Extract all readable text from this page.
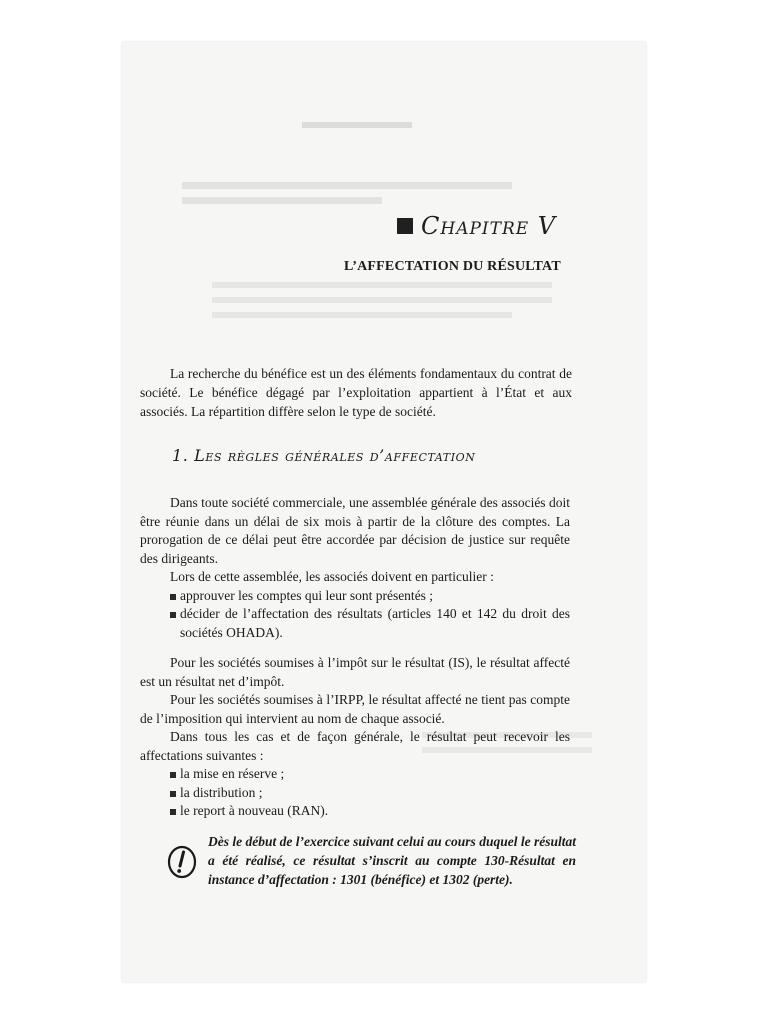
Chapitre V
L’AFFECTATION DU RÉSULTAT

La recherche du bénéfice est un des éléments fondamentaux du contrat de société. Le bénéfice dégagé par l’exploitation appartient à l’État et aux associés. La répartition diffère selon le type de société.

1. Les règles générales d’affectation

Dans toute société commerciale, une assemblée générale des associés doit être réunie dans un délai de six mois à partir de la clôture des comptes. La prorogation de ce délai peut être accordée par décision de justice sur requête des dirigeants.

Lors de cette assemblée, les associés doivent en particulier :

approuver les comptes qui leur sont présentés ;
décider de l’affectation des résultats (articles 140 et 142 du droit des sociétés OHADA).

Pour les sociétés soumises à l’impôt sur le résultat (IS), le résultat affecté est un résultat net d’impôt.

Pour les sociétés soumises à l’IRPP, le résultat affecté ne tient pas compte de l’imposition qui intervient au nom de chaque associé.

Dans tous les cas et de façon générale, le résultat peut recevoir les affectations suivantes :

la mise en réserve ;
la distribution ;
le report à nouveau (RAN).
Dès le début de l’exercice suivant celui au cours duquel le résultat a été réalisé, ce résultat s’inscrit au compte 130-Résultat en instance d’affectation : 1301 (bénéfice) et 1302 (perte).
